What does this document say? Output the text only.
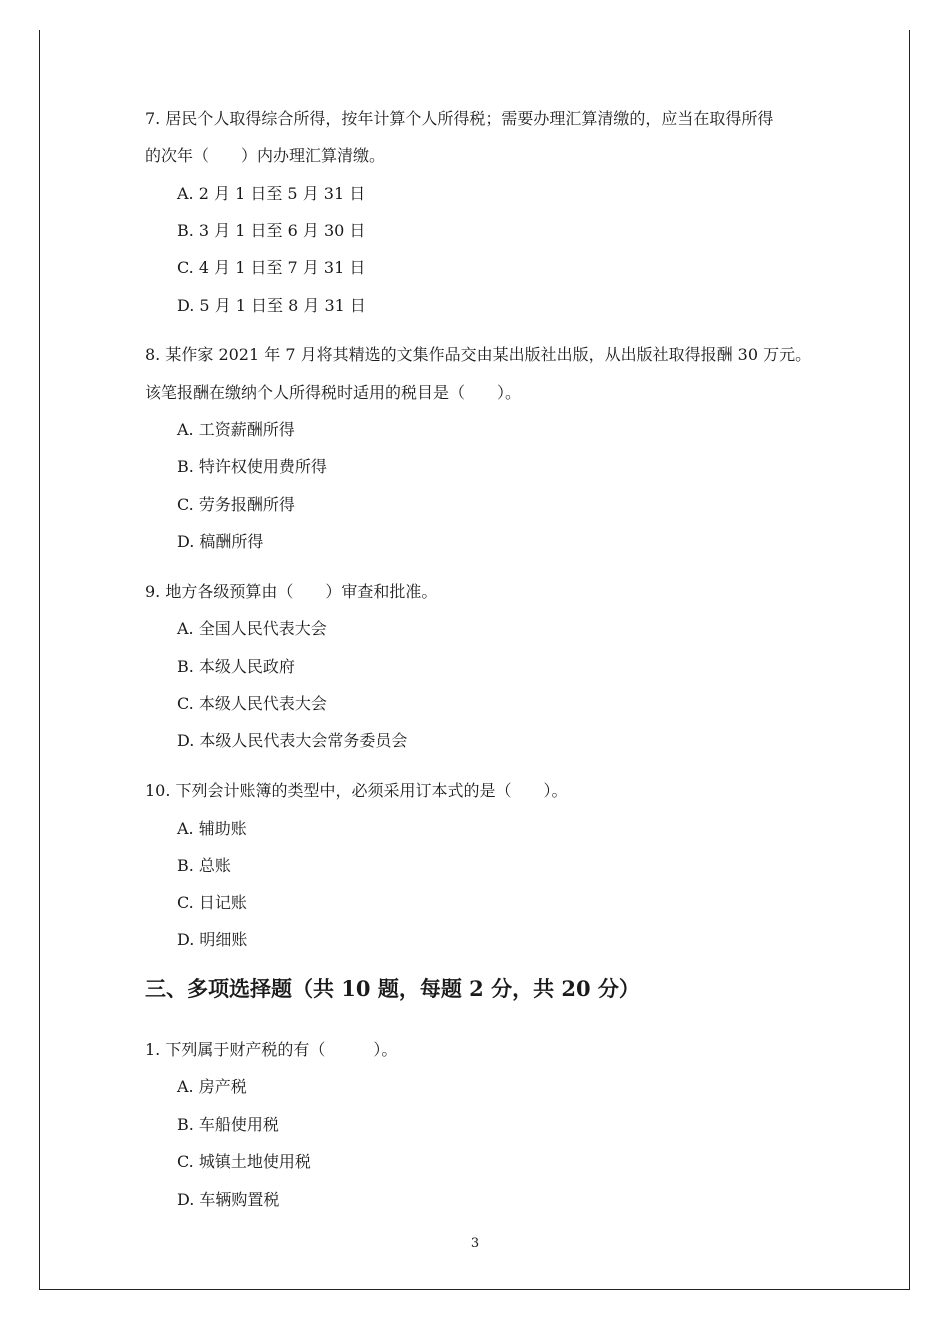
7. 居民个人取得综合所得，按年计算个人所得税；需要办理汇算清缴的，应当在取得所得
的次年（　　）内办理汇算清缴。
A. 2 月 1 日至 5 月 31 日
B. 3 月 1 日至 6 月 30 日
C. 4 月 1 日至 7 月 31 日
D. 5 月 1 日至 8 月 31 日
8. 某作家 2021 年 7 月将其精选的文集作品交由某出版社出版，从出版社取得报酬 30 万元。
该笔报酬在缴纳个人所得税时适用的税目是（　　）。
A. 工资薪酬所得
B. 特许权使用费所得
C. 劳务报酬所得
D. 稿酬所得
9. 地方各级预算由（　　）审查和批准。
A. 全国人民代表大会
B. 本级人民政府
C. 本级人民代表大会
D. 本级人民代表大会常务委员会
10. 下列会计账簿的类型中，必须采用订本式的是（　　）。
A. 辅助账
B. 总账
C. 日记账
D. 明细账
三、多项选择题（共 10 题，每题 2 分，共 20 分）
1. 下列属于财产税的有（　　　）。
A. 房产税
B. 车船使用税
C. 城镇土地使用税
D. 车辆购置税
3
